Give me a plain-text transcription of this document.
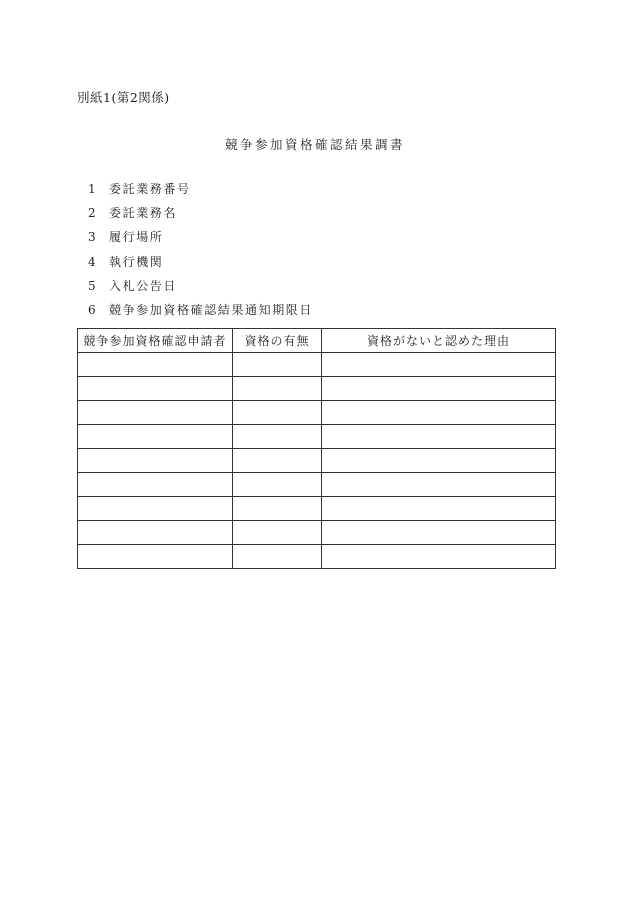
別紙1(第2関係)
競争参加資格確認結果調書
1 委託業務番号
2 委託業務名
3 履行場所
4 執行機関
5 入札公告日
6 競争参加資格確認結果通知期限日
競争参加資格確認申請者	資格の有無	資格がないと認めた理由
